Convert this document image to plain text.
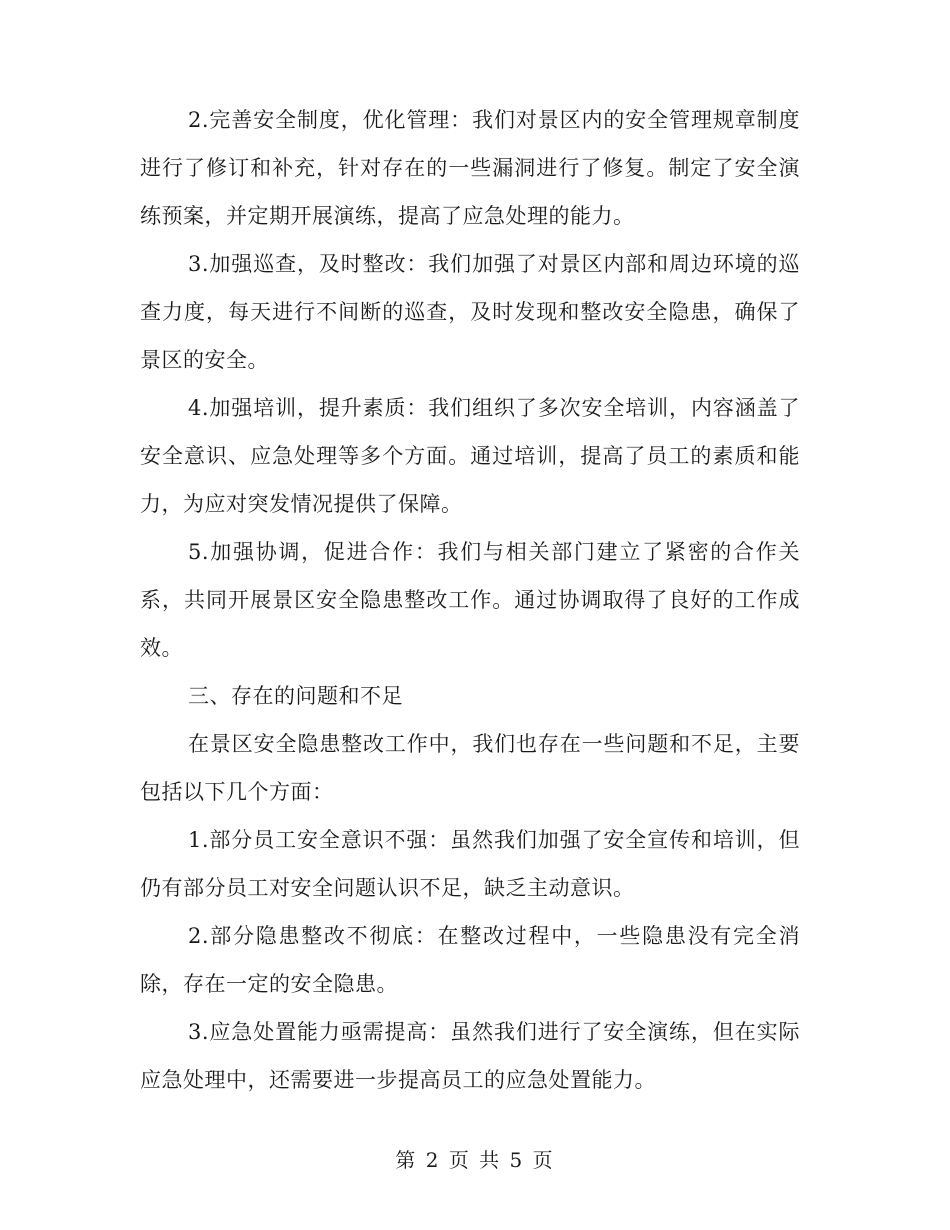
2.完善安全制度，优化管理：我们对景区内的安全管理规章制度进行了修订和补充，针对存在的一些漏洞进行了修复。制定了安全演练预案，并定期开展演练，提高了应急处理的能力。

3.加强巡查，及时整改：我们加强了对景区内部和周边环境的巡查力度，每天进行不间断的巡查，及时发现和整改安全隐患，确保了景区的安全。

4.加强培训，提升素质：我们组织了多次安全培训，内容涵盖了安全意识、应急处理等多个方面。通过培训，提高了员工的素质和能力，为应对突发情况提供了保障。

5.加强协调，促进合作：我们与相关部门建立了紧密的合作关系，共同开展景区安全隐患整改工作。通过协调取得了良好的工作成效。

三、存在的问题和不足

在景区安全隐患整改工作中，我们也存在一些问题和不足，主要包括以下几个方面：

1.部分员工安全意识不强：虽然我们加强了安全宣传和培训，但仍有部分员工对安全问题认识不足，缺乏主动意识。

2.部分隐患整改不彻底：在整改过程中，一些隐患没有完全消除，存在一定的安全隐患。

3.应急处置能力亟需提高：虽然我们进行了安全演练，但在实际应急处理中，还需要进一步提高员工的应急处置能力。

第 2 页 共 5 页
